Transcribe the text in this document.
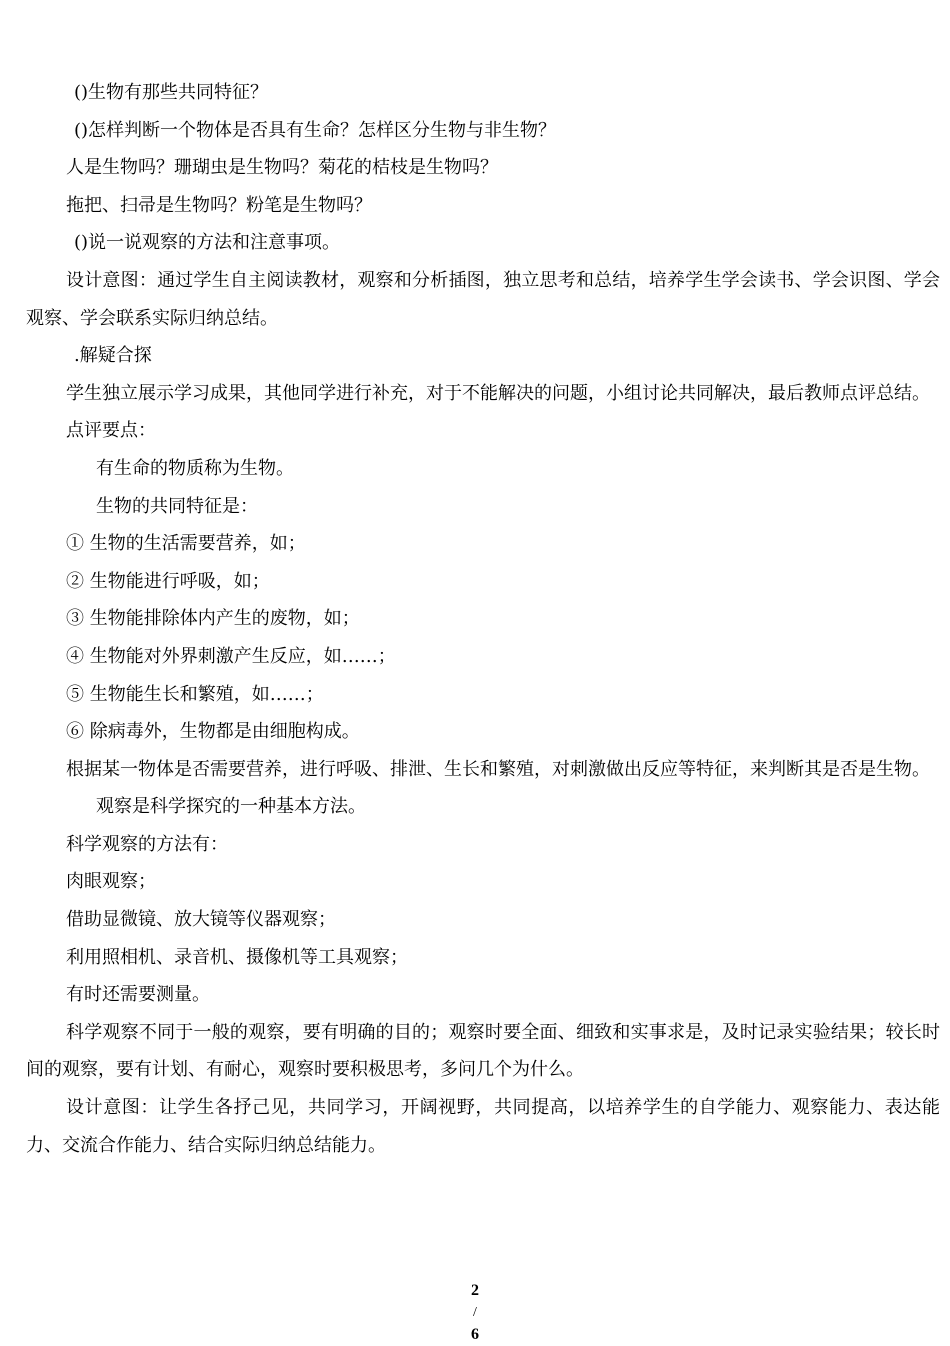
()生物有那些共同特征？

()怎样判断一个物体是否具有生命？怎样区分生物与非生物？

人是生物吗？珊瑚虫是生物吗？菊花的桔枝是生物吗？

拖把、扫帚是生物吗？粉笔是生物吗？

()说一说观察的方法和注意事项。

设计意图：通过学生自主阅读教材，观察和分析插图，独立思考和总结，培养学生学会读书、学会识图、学会观察、学会联系实际归纳总结。

.解疑合探

学生独立展示学习成果，其他同学进行补充，对于不能解决的问题，小组讨论共同解决，最后教师点评总结。

点评要点：

有生命的物质称为生物。

生物的共同特征是：

① 生物的生活需要营养，如；

② 生物能进行呼吸，如；

③ 生物能排除体内产生的废物，如；

④ 生物能对外界刺激产生反应，如……；

⑤ 生物能生长和繁殖，如……；

⑥ 除病毒外，生物都是由细胞构成。

根据某一物体是否需要营养，进行呼吸、排泄、生长和繁殖，对刺激做出反应等特征，来判断其是否是生物。

观察是科学探究的一种基本方法。

科学观察的方法有：

肉眼观察；

借助显微镜、放大镜等仪器观察；

利用照相机、录音机、摄像机等工具观察；

有时还需要测量。

科学观察不同于一般的观察，要有明确的目的；观察时要全面、细致和实事求是，及时记录实验结果；较长时间的观察，要有计划、有耐心，观察时要积极思考，多问几个为什么。

设计意图：让学生各抒己见，共同学习，开阔视野，共同提高，以培养学生的自学能力、观察能力、表达能力、交流合作能力、结合实际归纳总结能力。

2
/
6
